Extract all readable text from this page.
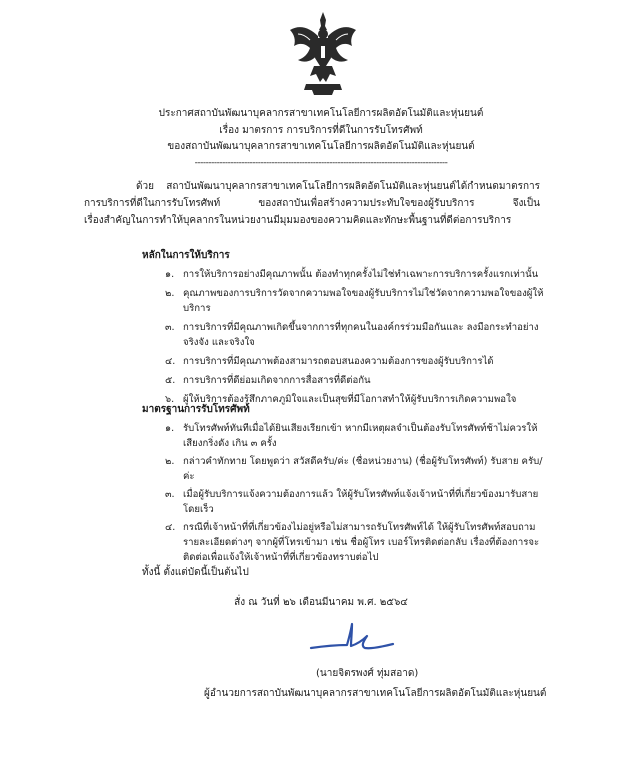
ประกาศสถาบันพัฒนาบุคลากรสาขาเทคโนโลยีการผลิตอัตโนมัติและหุ่นยนต์
เรื่อง มาตรการ การบริการที่ดีในการรับโทรศัพท์
ของสถาบันพัฒนาบุคลากรสาขาเทคโนโลยีการผลิตอัตโนมัติและหุ่นยนต์
--------------------------------------------------------------------------------------------
ด้วย สถาบันพัฒนาบุคลากรสาขาเทคโนโลยีการผลิตอัตโนมัติและหุ่นยนต์ได้กำหนดมาตรการ
การบริการที่ดีในการรับโทรศัพท์ ของสถาบันเพื่อสร้างความประทับใจของผู้รับบริการ จึงเป็น
เรื่องสำคัญในการทำให้บุคลากรในหน่วยงานมีมุมมองของความคิดและทักษะพื้นฐานที่ดีต่อการบริการ
หลักในการให้บริการ
๑. การให้บริการอย่างมีคุณภาพนั้น ต้องทำทุกครั้งไม่ใช่ทำเฉพาะการบริการครั้งแรกเท่านั้น
๒. คุณภาพของการบริการวัดจากความพอใจของผู้รับบริการไม่ใช่วัดจากความพอใจของผู้ให้บริการ
๓. การบริการที่มีคุณภาพเกิดขึ้นจากการที่ทุกคนในองค์กรร่วมมือกันและ ลงมือกระทำอย่างจริงจัง และจริงใจ
๔. การบริการที่มีคุณภาพต้องสามารถตอบสนองความต้องการของผู้รับบริการได้
๕. การบริการที่ดีย่อมเกิดจากการสื่อสารที่ดีต่อกัน
๖. ผู้ให้บริการต้องรู้สึกภาคภูมิใจและเป็นสุขที่มีโอกาสทำให้ผู้รับบริการเกิดความพอใจ
มาตรฐานการรับโทรศัพท์
๑. รับโทรศัพท์ทันทีเมื่อได้ยินเสียงเรียกเข้า หากมีเหตุผลจำเป็นต้องรับโทรศัพท์ช้าไม่ควรให้เสียงกริ่งดัง เกิน ๓ ครั้ง
๒. กล่าวคำทักทาย โดยพูดว่า สวัสดีครับ/ค่ะ (ชื่อหน่วยงาน) (ชื่อผู้รับโทรศัพท์) รับสาย ครับ/ค่ะ
๓. เมื่อผู้รับบริการแจ้งความต้องการแล้ว ให้ผู้รับโทรศัพท์แจ้งเจ้าหน้าที่ที่เกี่ยวข้องมารับสายโดยเร็ว
๔. กรณีที่เจ้าหน้าที่ที่เกี่ยวข้องไม่อยู่หรือไม่สามารถรับโทรศัพท์ได้ ให้ผู้รับโทรศัพท์สอบถามรายละเอียดต่างๆ จากผู้ที่โทรเข้ามา เช่น ชื่อผู้โทร เบอร์โทรติดต่อกลับ เรื่องที่ต้องการจะติดต่อเพื่อแจ้งให้เจ้าหน้าที่ที่เกี่ยวข้องทราบต่อไป
ทั้งนี้ ตั้งแต่บัดนี้เป็นต้นไป
สั่ง ณ วันที่ ๒๖ เดือนมีนาคม พ.ศ. ๒๕๖๔
(นายจิตรพงศ์ ทุ่มสอาด)
ผู้อำนวยการสถาบันพัฒนาบุคลากรสาขาเทคโนโลยีการผลิตอัตโนมัติและหุ่นยนต์
